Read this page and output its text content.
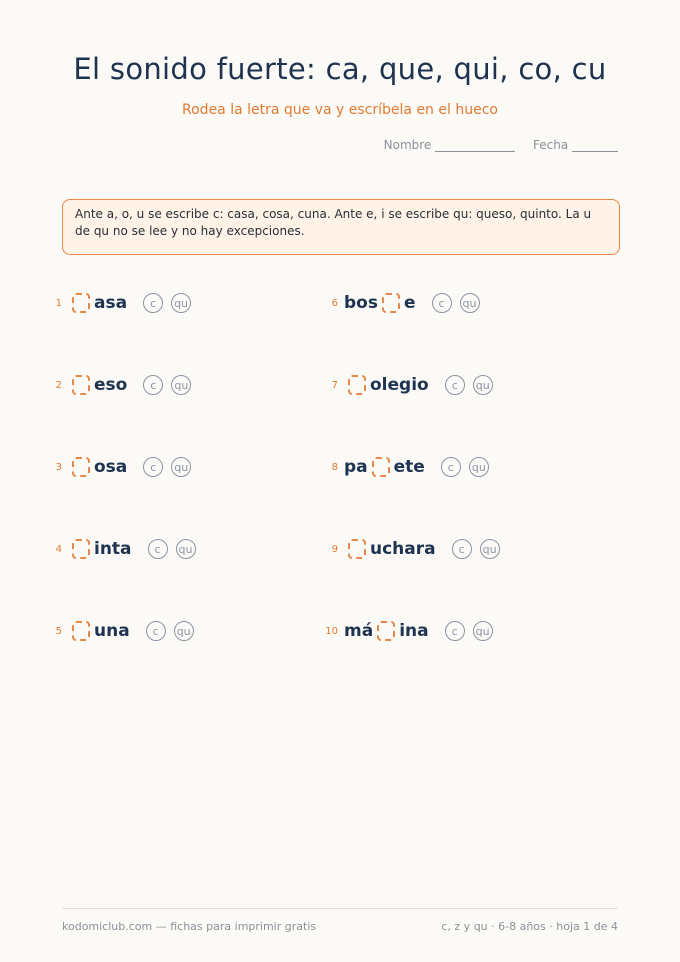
El sonido fuerte: ca, que, qui, co, cu
Rodea la letra que va y escríbela en el hueco
Nombre	Fecha
Ante a, o, u se escribe c: casa, cosa, cuna. Ante e, i se escribe qu: queso, quinto. La u de qu no se lee y no hay excepciones.
1 asa	c	qu
2 eso	c	qu
3 osa	c	qu
4 inta	c	qu
5 una	c	qu
6 bos e	c	qu
7 olegio	c	qu
8 pa ete	c	qu
9 uchara	c	qu
10 má ina	c	qu
kodomiclub.com — fichas para imprimir gratis	c, z y qu · 6-8 años · hoja 1 de 4
